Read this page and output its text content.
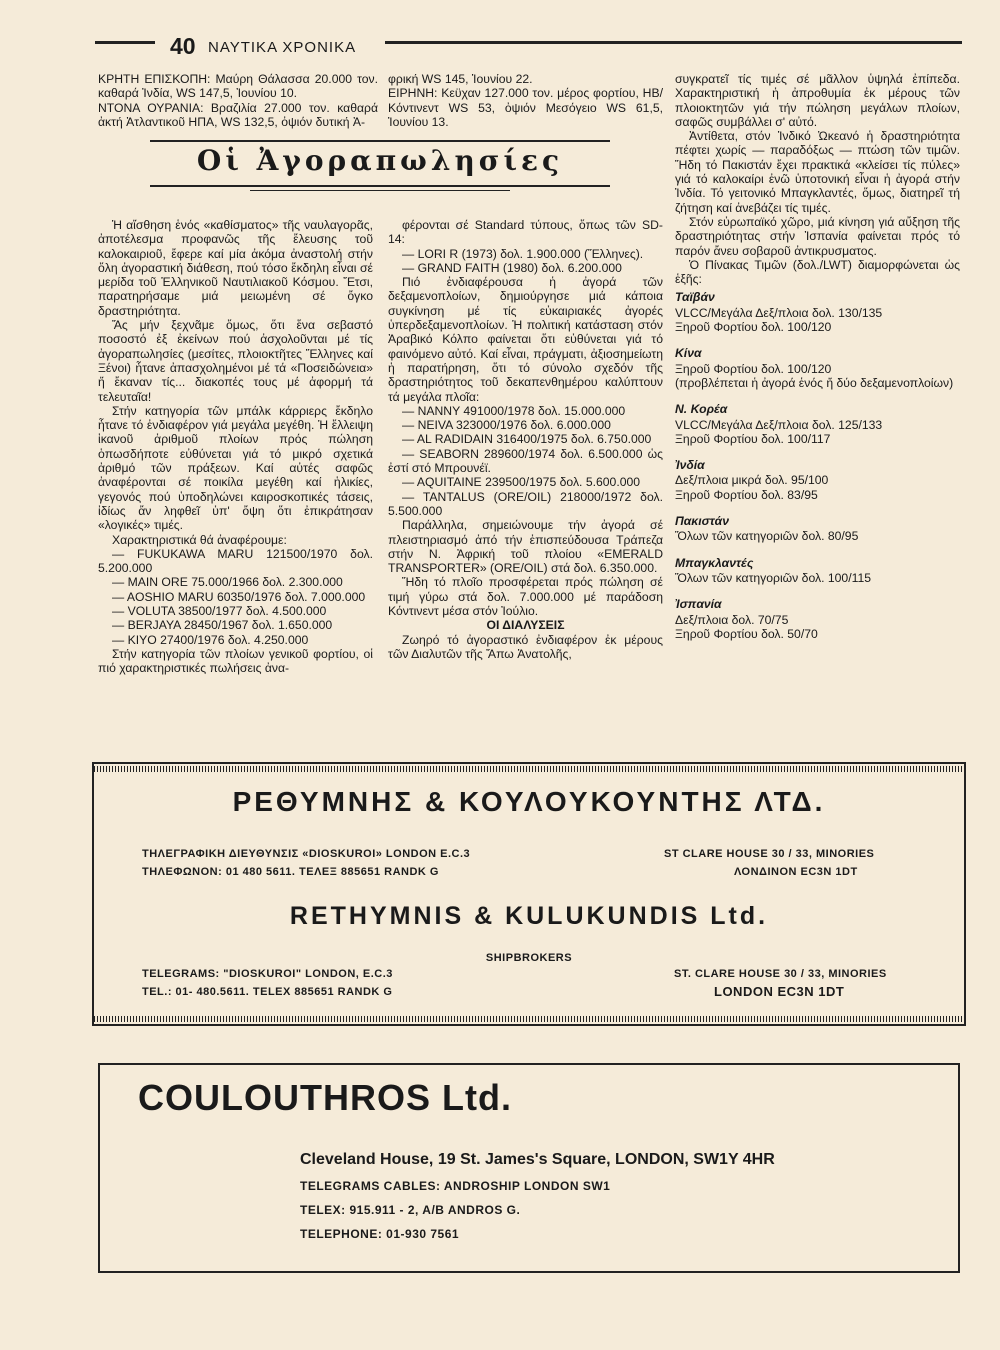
40 ΝΑΥΤΙΚΑ ΧΡΟΝΙΚΑ

ΚΡΗΤΗ ΕΠΙΣΚΟΠΗ: Μαύρη Θάλασσα 20.000 τον. καθαρά Ἰνδία, WS 147,5, Ἰουνίου 10.

ΝΤΟΝΑ ΟΥΡΑΝΙΑ: Βραζιλία 27.000 τον. καθαρά ἀκτή Ἀτλαντικοῦ ΗΠΑ, WS 132,5, ὀψιόν δυτική Ἀ-

φρική WS 145, Ἰουνίου 22.

ΕΙΡΗΝΗ: Κεϋχαν 127.000 τον. μέρος φορτίου, ΗΒ/Κόντινεντ WS 53, ὀψιόν Μεσόγειο WS 61,5, Ἰουνίου 13.

Οἱ Ἀγοραπωλησίες

Ἡ αἴσθηση ἑνός «καθίσματος» τῆς ναυλαγορᾶς, ἀποτέλεσμα προφανῶς τῆς ἔλευσης τοῦ καλοκαιριοῦ, ἔφερε καί μία ἀκόμα ἀναστολή στήν ὅλη ἀγοραστική διάθεση, πού τόσο ἔκδηλη εἶναι σέ μερίδα τοῦ Ἑλληνικοῦ Ναυτιλιακοῦ Κόσμου. Ἔτσι, παρατηρήσαμε μιά μειωμένη σέ ὄγκο δραστηριότητα.

Ἄς μήν ξεχνᾶμε ὅμως, ὅτι ἕνα σεβαστό ποσοστό ἐξ ἐκείνων πού ἀσχολοῦνται μέ τίς ἀγοραπωλησίες (μεσίτες, πλοιοκτῆτες Ἕλληνες καί Ξένοι) ἦτανε ἀπασχολημένοι μέ τά «Ποσειδώνεια» ἤ ἔκαναν τίς... διακοπές τους μέ ἀφορμή τά τελευταῖα!

Στήν κατηγορία τῶν μπάλκ κάρριερς ἔκδηλο ἦτανε τό ἐνδιαφέρον γιά μεγάλα μεγέθη. Ἡ ἔλλειψη ἱκανοῦ ἀριθμοῦ πλοίων πρός πώληση ὁπωσδήποτε εὐθύνεται γιά τό μικρό σχετικά ἀριθμό τῶν πράξεων. Καί αὐτές σαφῶς ἀναφέρονται σέ ποικίλα μεγέθη καί ἡλικίες, γεγονός πού ὑποδηλώνει καιροσκοπικές τάσεις, ἰδίως ἄν ληφθεῖ ὑπ' ὄψη ὅτι ἐπικράτησαν «λογικές» τιμές.

Χαρακτηριστικά θά ἀναφέρουμε:

— FUKUKAWA MARU 121500/1970 δολ. 5.200.000

— MAIN ORE 75.000/1966 δολ. 2.300.000

— AOSHIO MARU 60350/1976 δολ. 7.000.000

— VOLUTA 38500/1977 δολ. 4.500.000

— BERJAYA 28450/1967 δολ. 1.650.000

— KIYO 27400/1976 δολ. 4.250.000

Στήν κατηγορία τῶν πλοίων γενικοῦ φορτίου, οἱ πιό χαρακτηριστικές πωλήσεις ἀνα-

φέρονται σέ Standard τύπους, ὅπως τῶν SD-14:

— LORI R (1973) δολ. 1.900.000 (Ἕλληνες).

— GRAND FAITH (1980) δολ. 6.200.000

Πιό ἐνδιαφέρουσα ἡ ἀγορά τῶν δεξαμενοπλοίων, δημιούργησε μιά κάποια συγκίνηση μέ τίς εὐκαιριακές ἀγορές ὑπερδεξαμενοπλοίων. Ἡ πολιτική κατάσταση στόν Ἀραβικό Κόλπο φαίνεται ὅτι εὐθύνεται γιά τό φαινόμενο αὐτό. Καί εἶναι, πράγματι, ἀξιοσημείωτη ἡ παρατήρηση, ὅτι τό σύνολο σχεδόν τῆς δραστηριότητος τοῦ δεκαπενθημέρου καλύπτουν τά μεγάλα πλοῖα:

— NANNY 491000/1978 δολ. 15.000.000

— NEIVA 323000/1976 δολ. 6.000.000

— AL RADIDAIN 316400/1975 δολ. 6.750.000

— SEABORN 289600/1974 δολ. 6.500.000 ὡς ἐστί στό Μπρουνέϊ.

— AQUITAINE 239500/1975 δολ. 5.600.000

— TANTALUS (ORE/OIL) 218000/1972 δολ. 5.500.000

Παράλληλα, σημειώνουμε τήν ἀγορά σέ πλειστηριασμό ἀπό τήν ἐπισπεύδουσα Τράπεζα στήν Ν. Ἀφρική τοῦ πλοίου «EMERALD TRANSPORTER» (ORE/OIL) στά δολ. 6.350.000.

Ἤδη τό πλοῖο προσφέρεται πρός πώληση σέ τιμή γύρω στά δολ. 7.000.000 μέ παράδοση Κόντινεντ μέσα στόν Ἰούλιο.

ΟΙ ΔΙΑΛΥΣΕΙΣ

Ζωηρό τό ἀγοραστικό ἐνδιαφέρον ἐκ μέρους τῶν Διαλυτῶν τῆς Ἄπω Ἀνατολῆς,

συγκρατεῖ τίς τιμές σέ μᾶλλον ὑψηλά ἐπίπεδα. Χαρακτηριστική ἡ ἀπροθυμία ἐκ μέρους τῶν πλοιοκτητῶν γιά τήν πώληση μεγάλων πλοίων, σαφῶς συμβάλλει σ' αὐτό.

Ἀντίθετα, στόν Ἰνδικό Ὠκεανό ἡ δραστηριότητα πέφτει χωρίς — παραδόξως — πτώση τῶν τιμῶν. Ἤδη τό Πακιστάν ἔχει πρακτικά «κλείσει τίς πύλες» γιά τό καλοκαίρι ἐνῶ ὑποτονική εἶναι ἡ ἀγορά στήν Ἰνδία. Τό γειτονικό Μπαγκλαντές, ὅμως, διατηρεῖ τή ζήτηση καί ἀνεβάζει τίς τιμές.

Στόν εὐρωπαϊκό χῶρο, μιά κίνηση γιά αὔξηση τῆς δραστηριότητας στήν Ἰσπανία φαίνεται πρός τό παρόν ἄνευ σοβαροῦ ἀντικρυσματος.

Ὁ Πίνακας Τιμῶν (δολ./LWT) διαμορφώνεται ὡς ἑξῆς:

Ταϊβάν
VLCC/Μεγάλα Δεξ/πλοια δολ. 130/135
Ξηροῦ Φορτίου δολ. 100/120
Κίνα
Ξηροῦ Φορτίου δολ. 100/120
(προβλέπεται ἡ ἀγορά ἑνός ἤ δύο δεξαμενοπλοίων)
Ν. Κορέα
VLCC/Μεγάλα Δεξ/πλοια δολ. 125/133
Ξηροῦ Φορτίου δολ. 100/117
Ἰνδία
Δεξ/πλοια μικρά δολ. 95/100
Ξηροῦ Φορτίου δολ. 83/95
Πακιστάν
Ὅλων τῶν κατηγοριῶν δολ. 80/95
Μπαγκλαντές
Ὅλων τῶν κατηγοριῶν δολ. 100/115
Ἰσπανία
Δεξ/πλοια δολ. 70/75
Ξηροῦ Φορτίου δολ. 50/70
ΡΕΘΥΜΝΗΣ & ΚΟΥΛΟΥΚΟΥΝΤΗΣ ΛΤΔ.
ΤΗΛΕΓΡΑΦΙΚΗ ΔΙΕΥΘΥΝΣΙΣ «DIOSKUROI» LONDON E.C.3
ΤΗΛΕΦΩΝΟΝ: 01 480 5611. ΤΕΛΕΞ 885651 RANDK G
ST CLARE HOUSE 30 / 33, MINORIES
ΛΟΝΔΙΝΟΝ EC3N 1DT
RETHYMNIS & KULUKUNDIS Ltd.
SHIPBROKERS
TELEGRAMS: "DIOSKUROI" LONDON, E.C.3
TEL.: 01- 480.5611. TELEX 885651 RANDK G
ST. CLARE HOUSE 30 / 33, MINORIES
LONDON EC3N 1DT
COULOUTHROS Ltd.
Cleveland House, 19 St. James's Square, LONDON, SW1Y 4HR
TELEGRAMS CABLES: ANDROSHIP LONDON SW1
TELEX: 915.911 - 2, A/B ANDROS G.
TELEPHONE: 01-930 7561
